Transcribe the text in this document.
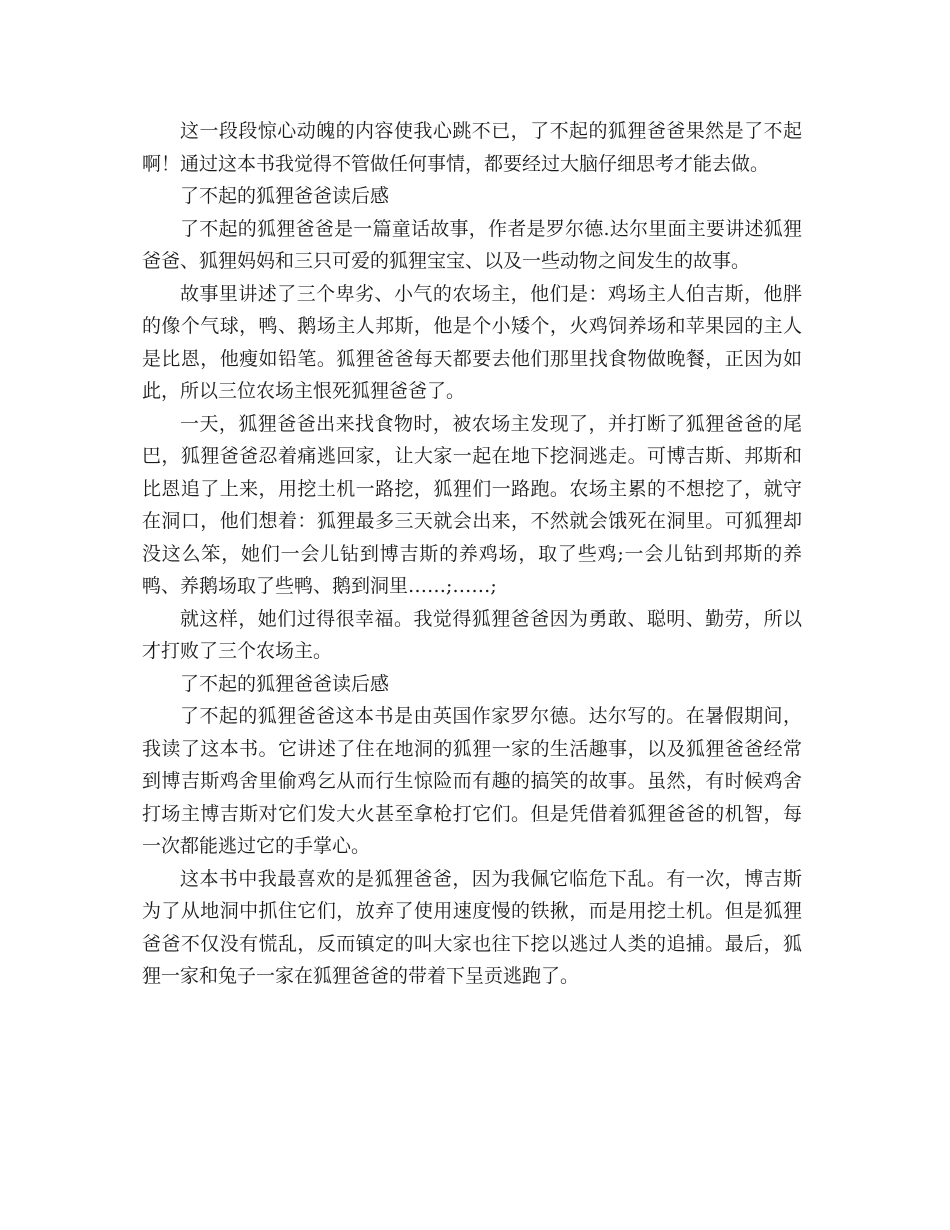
这一段段惊心动魄的内容使我心跳不已，了不起的狐狸爸爸果然是了不起啊！通过这本书我觉得不管做任何事情，都要经过大脑仔细思考才能去做。

了不起的狐狸爸爸读后感

了不起的狐狸爸爸是一篇童话故事，作者是罗尔德.达尔里面主要讲述狐狸爸爸、狐狸妈妈和三只可爱的狐狸宝宝、以及一些动物之间发生的故事。

故事里讲述了三个卑劣、小气的农场主，他们是：鸡场主人伯吉斯，他胖的像个气球，鸭、鹅场主人邦斯，他是个小矮个，火鸡饲养场和苹果园的主人是比恩，他瘦如铅笔。狐狸爸爸每天都要去他们那里找食物做晚餐，正因为如此，所以三位农场主恨死狐狸爸爸了。

一天，狐狸爸爸出来找食物时，被农场主发现了，并打断了狐狸爸爸的尾巴，狐狸爸爸忍着痛逃回家，让大家一起在地下挖洞逃走。可博吉斯、邦斯和比恩追了上来，用挖土机一路挖，狐狸们一路跑。农场主累的不想挖了，就守在洞口，他们想着：狐狸最多三天就会出来，不然就会饿死在洞里。可狐狸却没这么笨，她们一会儿钻到博吉斯的养鸡场，取了些鸡;一会儿钻到邦斯的养鸭、养鹅场取了些鸭、鹅到洞里……;……;

就这样，她们过得很幸福。我觉得狐狸爸爸因为勇敢、聪明、勤劳，所以才打败了三个农场主。

了不起的狐狸爸爸读后感

了不起的狐狸爸爸这本书是由英国作家罗尔德。达尔写的。在暑假期间，我读了这本书。它讲述了住在地洞的狐狸一家的生活趣事，以及狐狸爸爸经常到博吉斯鸡舍里偷鸡乞从而行生惊险而有趣的搞笑的故事。虽然，有时候鸡舍打场主博吉斯对它们发大火甚至拿枪打它们。但是凭借着狐狸爸爸的机智，每一次都能逃过它的手掌心。

这本书中我最喜欢的是狐狸爸爸，因为我佩它临危下乱。有一次，博吉斯为了从地洞中抓住它们，放弃了使用速度慢的铁揪，而是用挖土机。但是狐狸爸爸不仅没有慌乱，反而镇定的叫大家也往下挖以逃过人类的追捕。最后，狐狸一家和兔子一家在狐狸爸爸的带着下呈贡逃跑了。
